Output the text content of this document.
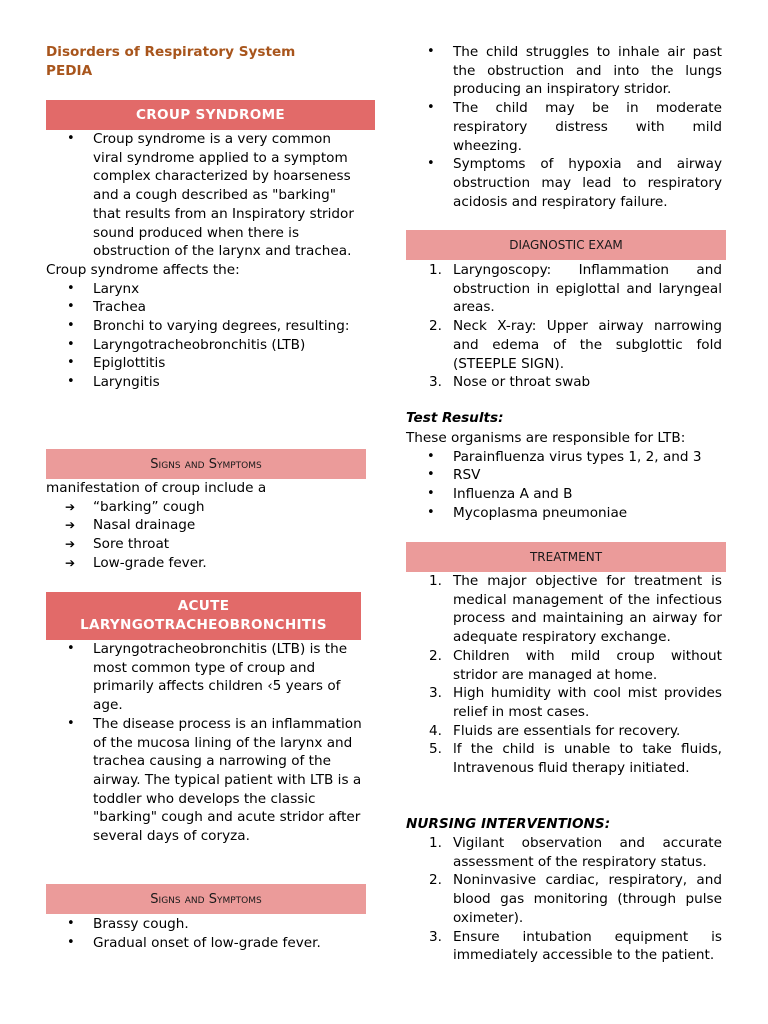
Disorders of Respiratory System
PEDIA
CROUP SYNDROME
• Croup syndrome is a very common viral syndrome applied to a symptom complex characterized by hoarseness and a cough described as "barking" that results from an Inspiratory stridor sound produced when there is obstruction of the larynx and trachea.

Croup syndrome affects the:

• Larynx
• Trachea
• Bronchi to varying degrees, resulting:
• Laryngotracheobronchitis (LTB)
• Epiglottitis
• Laryngitis
Signs and Symptoms

manifestation of croup include a

➔ “barking” cough
➔ Nasal drainage
➔ Sore throat
➔ Low-grade fever.
ACUTE
LARYNGOTRACHEOBRONCHITIS
• Laryngotracheobronchitis (LTB) is the most common type of croup and primarily affects children ‹5 years of age.
• The disease process is an inflammation of the mucosa lining of the larynx and trachea causing a narrowing of the airway. The typical patient with LTB is a toddler who develops the classic "barking" cough and acute stridor after several days of coryza.
Signs and Symptoms
• Brassy cough.
• Gradual onset of low-grade fever.
• The child struggles to inhale air past the obstruction and into the lungs producing an inspiratory stridor.
• The child may be in moderate respiratory distress with mild wheezing.
• Symptoms of hypoxia and airway obstruction may lead to respiratory acidosis and respiratory failure.
DIAGNOSTIC EXAM
1. Laryngoscopy: Inflammation and obstruction in epiglottal and laryngeal areas.
2. Neck X-ray: Upper airway narrowing and edema of the subglottic fold (STEEPLE SIGN).
3. Nose or throat swab
Test Results:

These organisms are responsible for LTB:

• Parainfluenza virus types 1, 2, and 3
• RSV
• Influenza A and B
• Mycoplasma pneumoniae
TREATMENT
1. The major objective for treatment is medical management of the infectious process and maintaining an airway for adequate respiratory exchange.
2. Children with mild croup without stridor are managed at home.
3. High humidity with cool mist provides relief in most cases.
4. Fluids are essentials for recovery.
5. lf the child is unable to take fluids, Intravenous fluid therapy initiated.
NURSING INTERVENTIONS:
1. Vigilant observation and accurate assessment of the respiratory status.
2. Noninvasive cardiac, respiratory, and blood gas monitoring (through pulse oximeter).
3. Ensure intubation equipment is immediately accessible to the patient.
